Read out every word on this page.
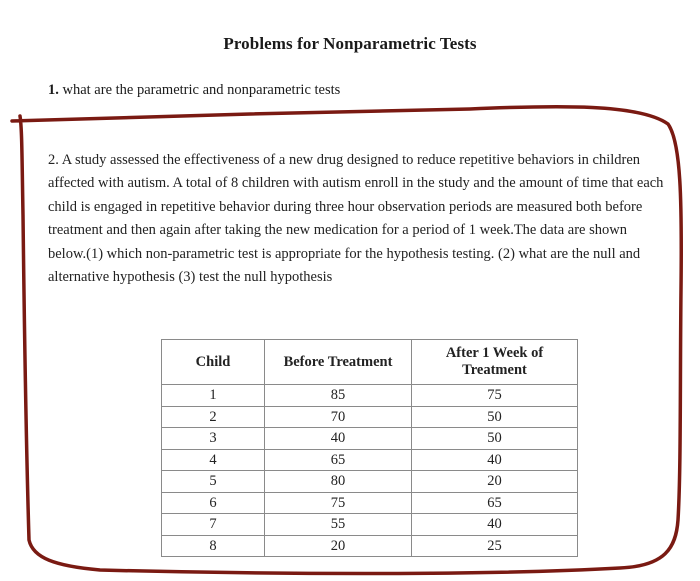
Problems for Nonparametric Tests
1. what are the parametric and nonparametric tests
2. A study assessed the effectiveness of a new drug designed to reduce repetitive behaviors in children affected with autism. A total of 8 children with autism enroll in the study and the amount of time that each child is engaged in repetitive behavior during three hour observation periods are measured both before treatment and then again after taking the new medication for a period of 1 week.The data are shown below.(1) which non-parametric test is appropriate for the hypothesis testing. (2) what are the null and alternative hypothesis (3) test the null hypothesis
Child	Before Treatment	After 1 Week of Treatment
1	85	75
2	70	50
3	40	50
4	65	40
5	80	20
6	75	65
7	55	40
8	20	25
